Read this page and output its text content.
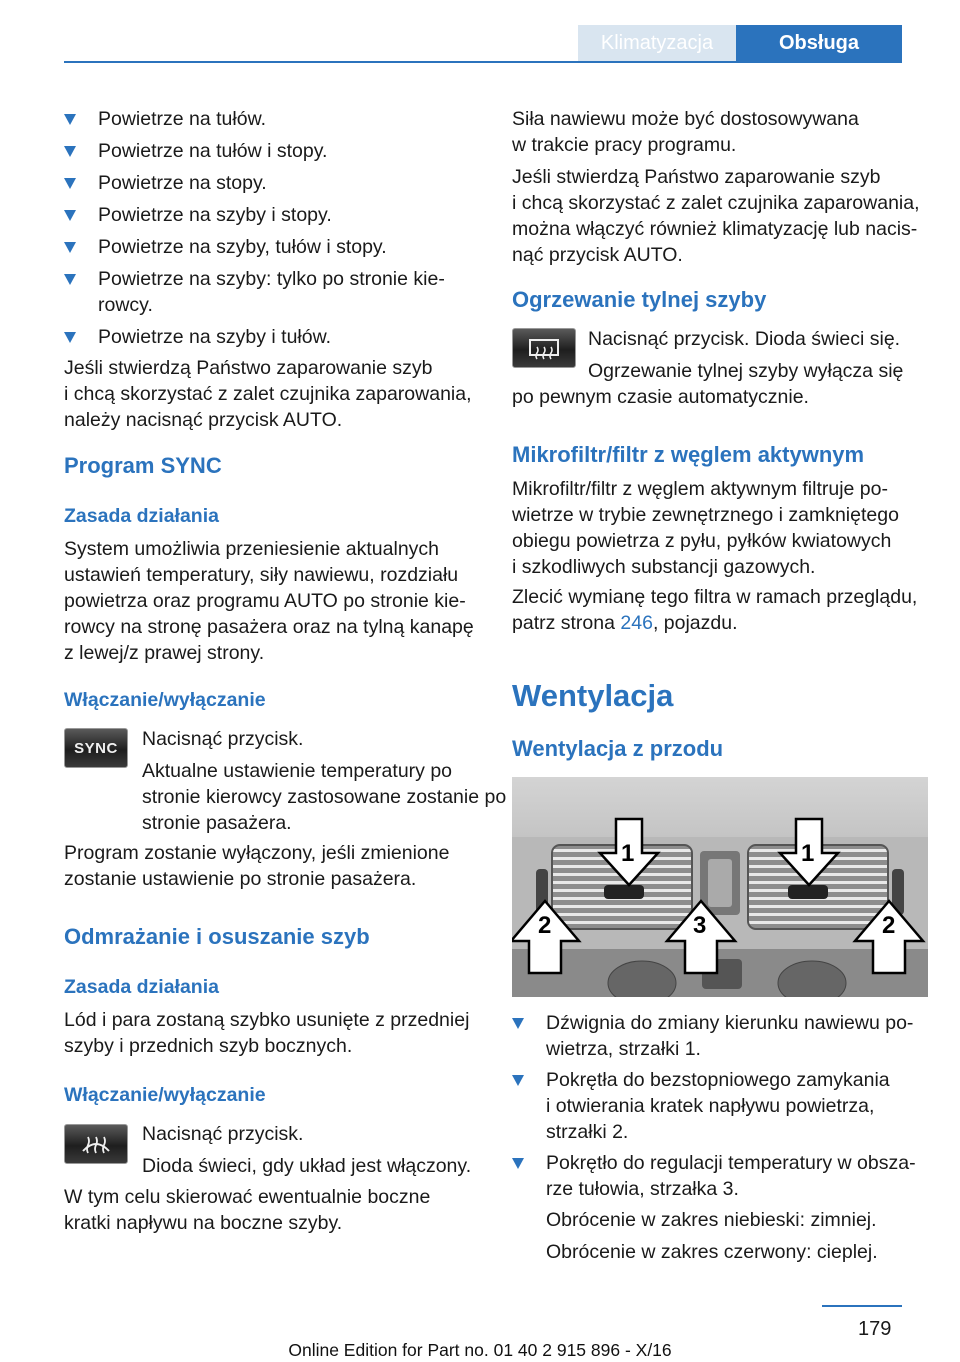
Klimatyzacja	Obsługa
Powietrze na tułów.
Powietrze na tułów i stopy.
Powietrze na stopy.
Powietrze na szyby i stopy.
Powietrze na szyby, tułów i stopy.
Powietrze na szyby: tylko po stronie kie-
rowcy.
Powietrze na szyby i tułów.

Jeśli stwierdzą Państwo zaparowanie szyb
i chcą skorzystać z zalet czujnika zaparowania,
należy nacisnąć przycisk AUTO.

Program SYNC
Zasada działania

System umożliwia przeniesienie aktualnych
ustawień temperatury, siły nawiewu, rozdziału
powietrza oraz programu AUTO po stronie kie-
rowcy na stronę pasażera oraz na tylną kanapę
z lewej/z prawej strony.

Włączanie/wyłączanie
SYNC	Nacisnąć przycisk.

Aktualne ustawienie temperatury po
stronie kierowcy zastosowane zostanie po
stronie pasażera.

Program zostanie wyłączony, jeśli zmienione
zostanie ustawienie po stronie pasażera.

Odmrażanie i osuszanie szyb
Zasada działania

Lód i para zostaną szybko usunięte z przedniej
szyby i przednich szyb bocznych.

Włączanie/wyłączanie

Nacisnąć przycisk.

Dioda świeci, gdy układ jest włączony.

W tym celu skierować ewentualnie boczne
kratki napływu na boczne szyby.

Siła nawiewu może być dostosowywana
w trakcie pracy programu.

Jeśli stwierdzą Państwo zaparowanie szyb
i chcą skorzystać z zalet czujnika zaparowania,
można włączyć również klimatyzację lub nacis-
nąć przycisk AUTO.

Ogrzewanie tylnej szyby

Nacisnąć przycisk. Dioda świeci się.

Ogrzewanie tylnej szyby wyłącza się

po pewnym czasie automatycznie.

Mikrofiltr/filtr z węglem aktywnym

Mikrofiltr/filtr z węglem aktywnym filtruje po-
wietrze w trybie zewnętrznego i zamkniętego
obiegu powietrza z pyłu, pyłków kwiatowych
i szkodliwych substancji gazowych.

Zlecić wymianę tego filtra w ramach przeglądu,

patrz strona 246, pojazdu.

Wentylacja
Wentylacja z przodu
1	1
2	3	2
Dźwignia do zmiany kierunku nawiewu po-
wietrza, strzałki 1.
Pokrętła do bezstopniowego zamykania
i otwierania kratek napływu powietrza,
strzałki 2.
Pokrętło do regulacji temperatury w obsza-
rze tułowia, strzałka 3.

Obrócenie w zakres niebieski: zimniej.

Obrócenie w zakres czerwony: cieplej.

179
Online Edition for Part no. 01 40 2 915 896 - X/16
